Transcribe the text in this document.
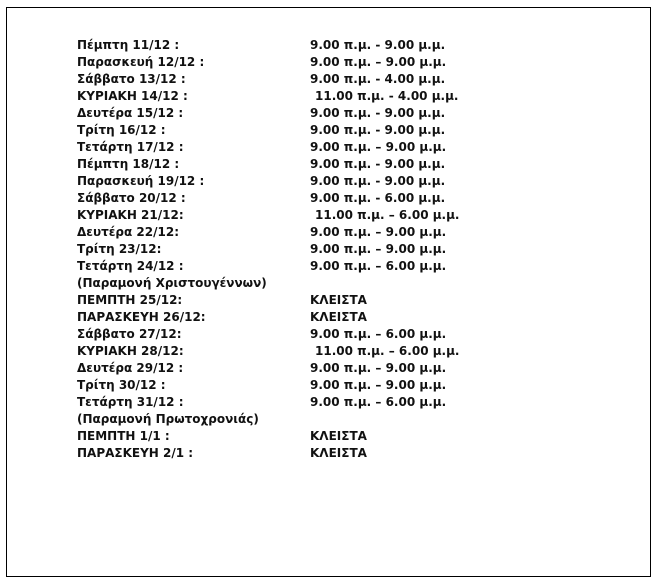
Πέμπτη 11/12 :	9.00 π.μ. - 9.00 μ.μ.
Παρασκευή 12/12 :	9.00 π.μ. – 9.00 μ.μ.
Σάββατο 13/12 :	9.00 π.μ. - 4.00 μ.μ.
ΚΥΡΙΑΚΗ 14/12 :	11.00 π.μ. - 4.00 μ.μ.
Δευτέρα 15/12 :	9.00 π.μ. - 9.00 μ.μ.
Τρίτη 16/12 :	9.00 π.μ. - 9.00 μ.μ.
Τετάρτη 17/12 :	9.00 π.μ. – 9.00 μ.μ.
Πέμπτη 18/12 :	9.00 π.μ. - 9.00 μ.μ.
Παρασκευή 19/12 :	9.00 π.μ. - 9.00 μ.μ.
Σάββατο 20/12 :	9.00 π.μ. - 6.00 μ.μ.
ΚΥΡΙΑΚΗ 21/12:	11.00 π.μ. – 6.00 μ.μ.
Δευτέρα 22/12:	9.00 π.μ. – 9.00 μ.μ.
Τρίτη 23/12:	9.00 π.μ. – 9.00 μ.μ.
Τετάρτη 24/12 :	9.00 π.μ. – 6.00 μ.μ.
(Παραμονή Χριστουγέννων)
ΠΕΜΠΤΗ 25/12:	ΚΛΕΙΣΤΑ
ΠΑΡΑΣΚΕΥΗ 26/12:	ΚΛΕΙΣΤΑ
Σάββατο 27/12:	9.00 π.μ. – 6.00 μ.μ.
ΚΥΡΙΑΚΗ 28/12:	11.00 π.μ. – 6.00 μ.μ.
Δευτέρα 29/12 :	9.00 π.μ. – 9.00 μ.μ.
Τρίτη 30/12 :	9.00 π.μ. – 9.00 μ.μ.
Τετάρτη 31/12 :	9.00 π.μ. – 6.00 μ.μ.
(Παραμονή Πρωτοχρονιάς)
ΠΕΜΠΤΗ 1/1 :	ΚΛΕΙΣΤΑ
ΠΑΡΑΣΚΕΥΗ 2/1 :	ΚΛΕΙΣΤΑ
